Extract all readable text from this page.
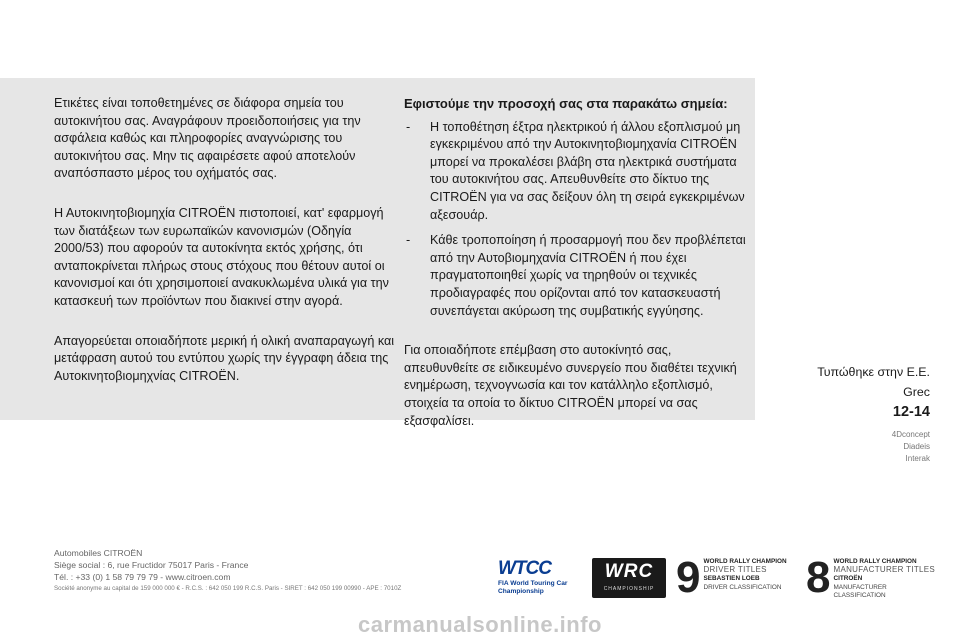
Ετικέτες είναι τοποθετημένες σε διάφορα σημεία του αυτοκινήτου σας. Αναγράφουν προειδοποιήσεις για την ασφάλεια καθώς και πληροφορίες αναγνώρισης του αυτοκινήτου σας. Μην τις αφαιρέσετε αφού αποτελούν αναπόσπαστο μέρος του οχήματός σας.

Η Αυτοκινητοβιομηχία CITROËN πιστοποιεί, κατ' εφαρμογή των διατάξεων των ευρωπαϊκών κανονισμών (Οδηγία 2000/53) που αφορούν τα αυτοκίνητα εκτός χρήσης, ότι ανταποκρίνεται πλήρως στους στόχους που θέτουν αυτοί οι κανονισμοί και ότι χρησιμοποιεί ανακυκλωμένα υλικά για την κατασκευή των προϊόντων που διακινεί στην αγορά.

Απαγορεύεται οποιαδήποτε μερική ή ολική αναπαραγωγή και μετάφραση αυτού του εντύπου χωρίς την έγγραφη άδεια της Αυτοκινητοβιομηχνίας CITROËN.

Εφιστούμε την προσοχή σας στα παρακάτω σημεία:

- Η τοποθέτηση έξτρα ηλεκτρικού ή άλλου εξοπλισμού μη εγκεκριμένου από την Αυτοκινητοβιομηχανία CITROËN μπορεί να προκαλέσει βλάβη στα ηλεκτρικά συστήματα του αυτοκινήτου σας. Απευθυνθείτε στο δίκτυο της CITROËN για να σας δείξουν όλη τη σειρά εγκεκριμένων αξεσουάρ.

- Κάθε τροποποίηση ή προσαρμογή που δεν προβλέπεται από την Αυτοβιομηχανία CITROËN ή που έχει πραγματοποιηθεί χωρίς να τηρηθούν οι τεχνικές προδιαγραφές που ορίζονται από τον κατασκευαστή συνεπάγεται ακύρωση της συμβατικής εγγύησης.

Για οποιαδήποτε επέμβαση στο αυτοκίνητό σας, απευθυνθείτε σε ειδικευμένο συνεργείο που διαθέτει τεχνική ενημέρωση, τεχνογνωσία και τον κατάλληλο εξοπλισμό, στοιχεία τα οποία το δίκτυο CITROËN μπορεί να σας εξασφαλίσει.

Τυπώθηκε στην Ε.Ε.
Grec
12-14
4Dconcept
Diadeis
Interak
Automobiles CITROËN
Siège social : 6, rue Fructidor 75017 Paris - France
Tél. : +33 (0) 1 58 79 79 79 - www.citroen.com
Société anonyme au capital de 159 000 000 € - R.C.S. : 642 050 199 R.C.S. Paris - SIRET : 642 050 199 00990 - APE : 7010Z
WTCC
FIA World Touring Car
Championship
WRC
CHAMPIONSHIP 9 WORLD RALLY CHAMPION
DRIVER TITLES
SEBASTIEN LOEB
DRIVER CLASSIFICATION 8 WORLD RALLY CHAMPION
MANUFACTURER TITLES
CITROËN
MANUFACTURER CLASSIFICATION
carmanualsonline.info
